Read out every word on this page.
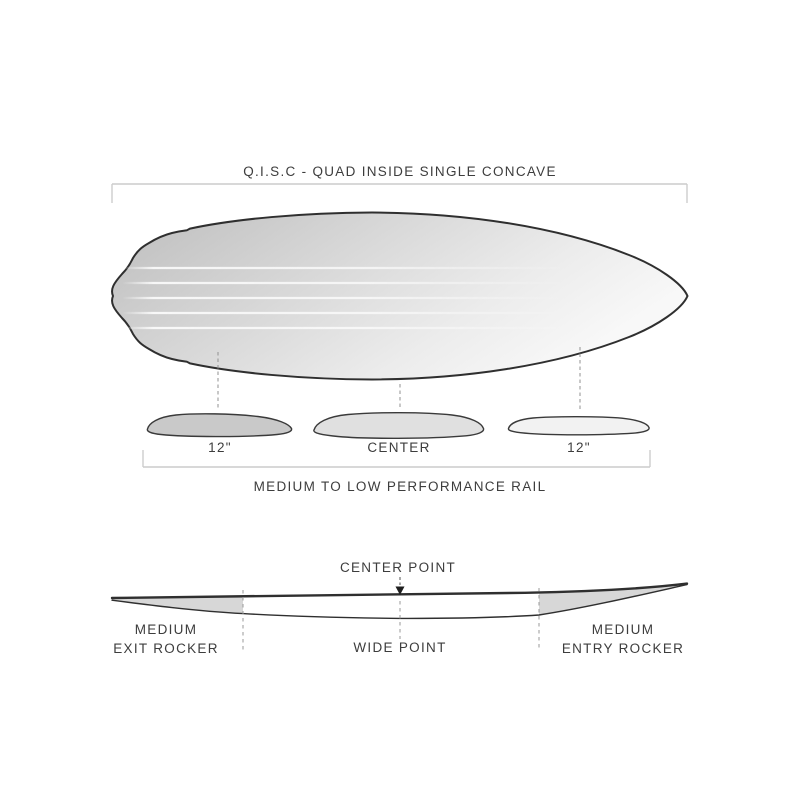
Q.I.S.C - QUAD INSIDE SINGLE CONCAVE
12"	CENTER	12"
MEDIUM TO LOW PERFORMANCE RAIL
CENTER POINT
WIDE POINT
MEDIUM
EXIT ROCKER
MEDIUM
ENTRY ROCKER
